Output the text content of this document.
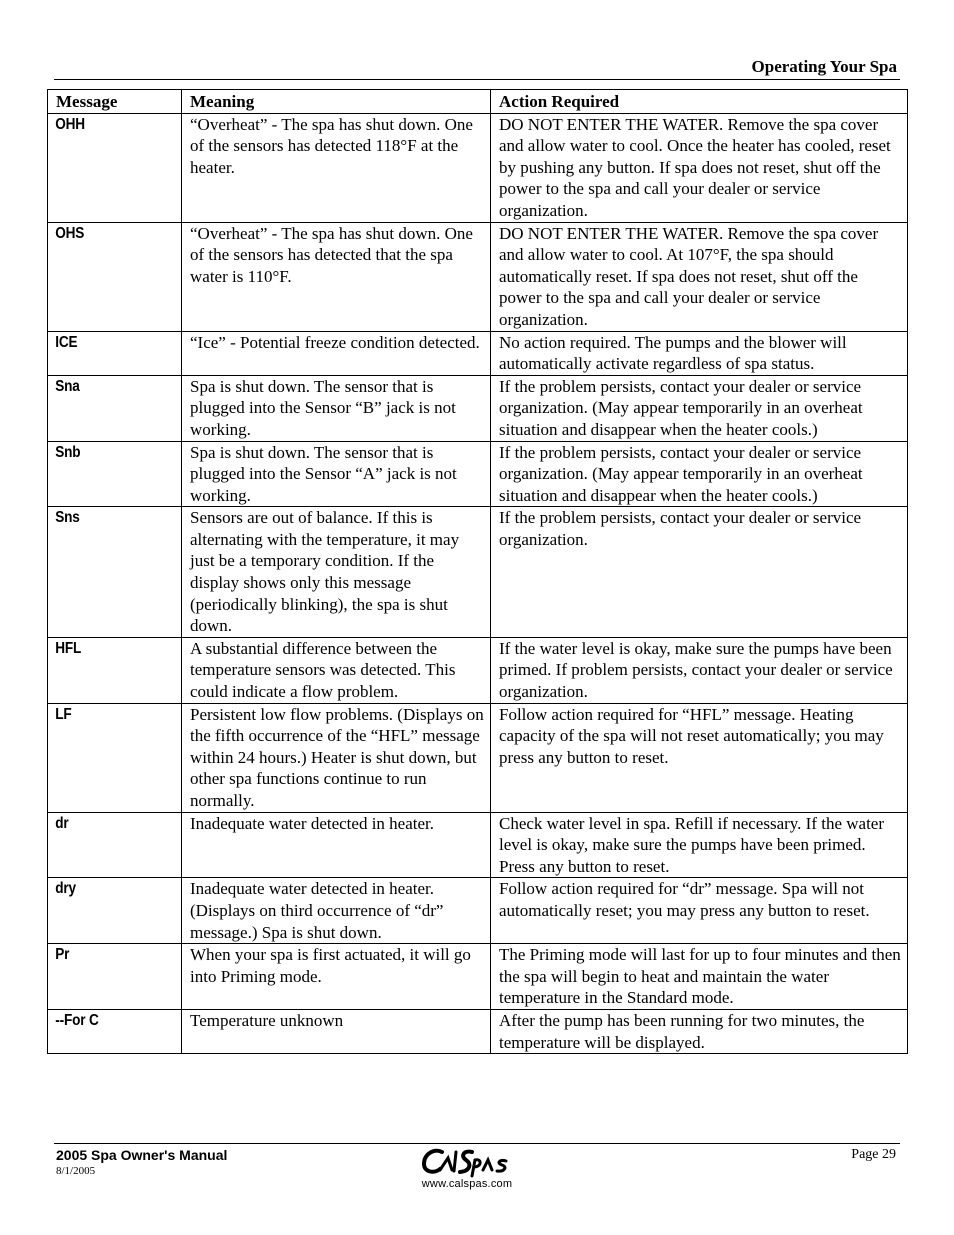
Operating Your Spa
Message	Meaning	Action Required
OHH	“Overheat” - The spa has shut down. One of the sensors has detected 118°F at the heater.	DO NOT ENTER THE WATER. Remove the spa cover and allow water to cool. Once the heater has cooled, reset by pushing any button. If spa does not reset, shut off the power to the spa and call your dealer or service organization.
OHS	“Overheat” - The spa has shut down. One of the sensors has detected that the spa water is 110°F.	DO NOT ENTER THE WATER. Remove the spa cover and allow water to cool. At 107°F, the spa should automatically reset. If spa does not reset, shut off the power to the spa and call your dealer or service organization.
ICE	“Ice” - Potential freeze condition detected.	No action required. The pumps and the blower will automatically activate regardless of spa status.
Sna	Spa is shut down. The sensor that is plugged into the Sensor “B” jack is not working.	If the problem persists, contact your dealer or service organization. (May appear temporarily in an overheat situation and disappear when the heater cools.)
Snb	Spa is shut down. The sensor that is plugged into the Sensor “A” jack is not working.	If the problem persists, contact your dealer or service organization. (May appear temporarily in an overheat situation and disappear when the heater cools.)
Sns	Sensors are out of balance. If this is alternating with the temperature, it may just be a temporary condition. If the display shows only this message (periodically blinking), the spa is shut down.	If the problem persists, contact your dealer or service organization.
HFL	A substantial difference between the temperature sensors was detected. This could indicate a flow problem.	If the water level is okay, make sure the pumps have been primed. If problem persists, contact your dealer or service organization.
LF	Persistent low flow problems. (Displays on the fifth occurrence of the “HFL” message within 24 hours.) Heater is shut down, but other spa functions continue to run normally.	Follow action required for “HFL” message. Heating capacity of the spa will not reset automatically; you may press any button to reset.
dr	Inadequate water detected in heater.	Check water level in spa. Refill if necessary. If the water level is okay, make sure the pumps have been primed. Press any button to reset.
dry	Inadequate water detected in heater. (Displays on third occurrence of “dr” message.) Spa is shut down.	Follow action required for “dr” message. Spa will not automatically reset; you may press any button to reset.
Pr	When your spa is first actuated, it will go into Priming mode.	The Priming mode will last for up to four minutes and then the spa will begin to heat and maintain the water temperature in the Standard mode.
--For C	Temperature unknown	After the pump has been running for two minutes, the temperature will be displayed.
2005 Spa Owner's Manual
8/1/2005
www.calspas.com
Page 29
